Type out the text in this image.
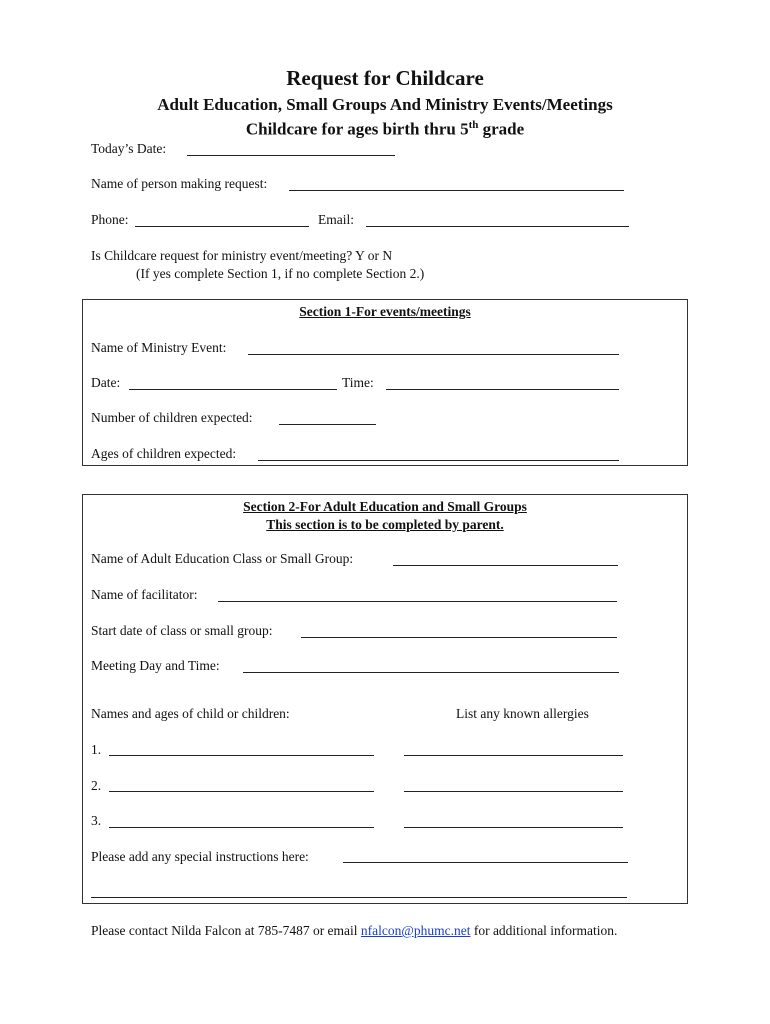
Request for Childcare
Adult Education, Small Groups And Ministry Events/Meetings
Childcare for ages birth thru 5th grade
Today’s Date:
Name of person making request:
Phone:	Email:
Is Childcare request for ministry event/meeting? Y or N
(If yes complete Section 1, if no complete Section 2.)
Section 1-For events/meetings
Name of Ministry Event:
Date:	Time:
Number of children expected:
Ages of children expected:
Section 2-For Adult Education and Small Groups
This section is to be completed by parent.
Name of Adult Education Class or Small Group:
Name of facilitator:
Start date of class or small group:
Meeting Day and Time:
Names and ages of child or children:	List any known allergies
1.
2.
3.
Please add any special instructions here:
Please contact Nilda Falcon at 785-7487 or email nfalcon@phumc.net for additional information.
